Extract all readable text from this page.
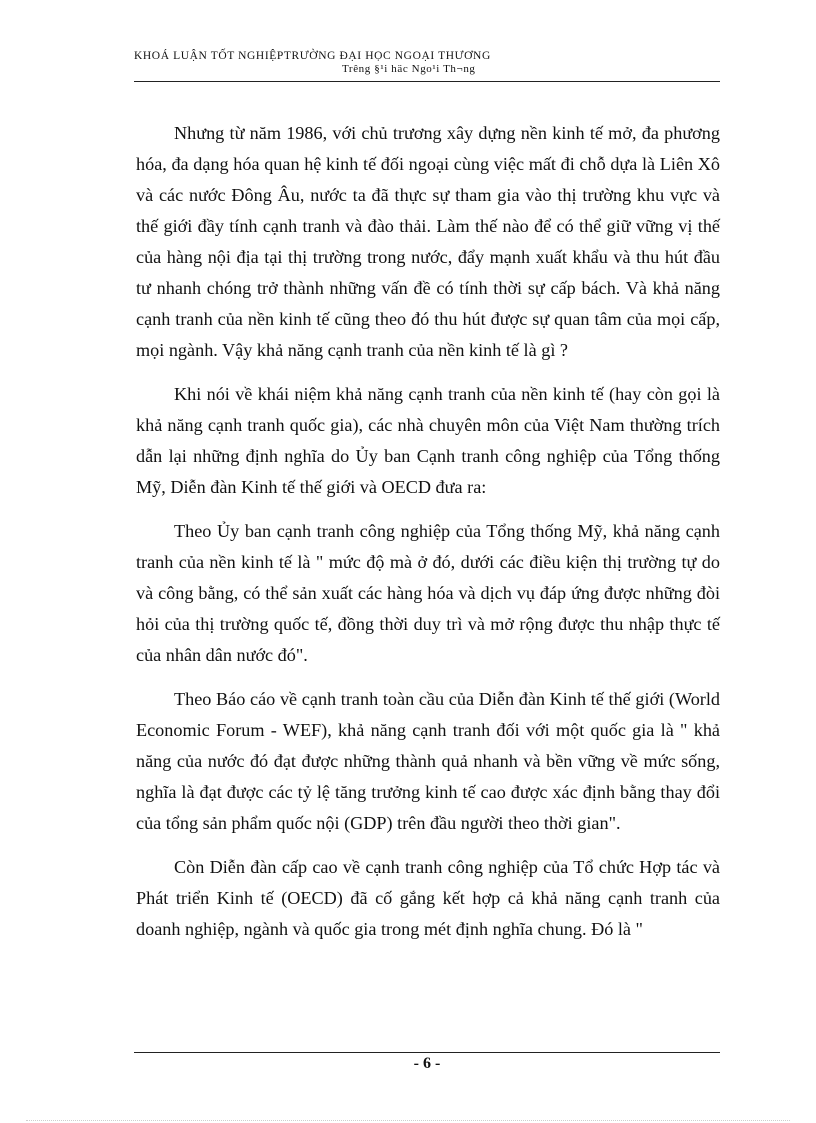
KHOÁ LUẬN TỐT NGHIỆPTRƯỜNG ĐẠI HỌC NGOẠI THƯƠNG
Trêng §¹i häc Ngo¹i Th¬ng

Nhưng từ năm 1986, với chủ trương xây dựng nền kinh tế mở, đa phương hóa, đa dạng hóa quan hệ kinh tế đối ngoại cùng việc mất đi chỗ dựa là Liên Xô và các nước Đông Âu, nước ta đã thực sự tham gia vào thị trường khu vực và thế giới đầy tính cạnh tranh và đào thải. Làm thế nào để có thể giữ vững vị thế của hàng nội địa tại thị trường trong nước, đẩy mạnh xuất khẩu và thu hút đầu tư nhanh chóng trở thành những vấn đề có tính thời sự cấp bách. Và khả năng cạnh tranh của nền kinh tế cũng theo đó thu hút được sự quan tâm của mọi cấp, mọi ngành. Vậy khả năng cạnh tranh của nền kinh tế là gì ?

Khi nói về khái niệm khả năng cạnh tranh của nền kinh tế (hay còn gọi là khả năng cạnh tranh quốc gia), các nhà chuyên môn của Việt Nam thường trích dẫn lại những định nghĩa do Ủy ban Cạnh tranh công nghiệp của Tổng thống Mỹ, Diễn đàn Kinh tế thế giới và OECD đưa ra:

Theo Ủy ban cạnh tranh công nghiệp của Tổng thống Mỹ, khả năng cạnh tranh của nền kinh tế là " mức độ mà ở đó, dưới các điều kiện thị trường tự do và công bằng, có thể sản xuất các hàng hóa và dịch vụ đáp ứng được những đòi hỏi của thị trường quốc tế, đồng thời duy trì và mở rộng được thu nhập thực tế của nhân dân nước đó".

Theo Báo cáo về cạnh tranh toàn cầu của Diễn đàn Kinh tế thế giới (World Economic Forum - WEF), khả năng cạnh tranh đối với một quốc gia là " khả năng của nước đó đạt được những thành quả nhanh và bền vững về mức sống, nghĩa là đạt được các tỷ lệ tăng trưởng kinh tế cao được xác định bằng thay đổi của tổng sản phẩm quốc nội (GDP) trên đầu người theo thời gian".

Còn Diễn đàn cấp cao về cạnh tranh công nghiệp của Tổ chức Hợp tác và Phát triển Kinh tế (OECD) đã cố gắng kết hợp cả khả năng cạnh tranh của doanh nghiệp, ngành và quốc gia trong mét định nghĩa chung. Đó là "

- 6 -
